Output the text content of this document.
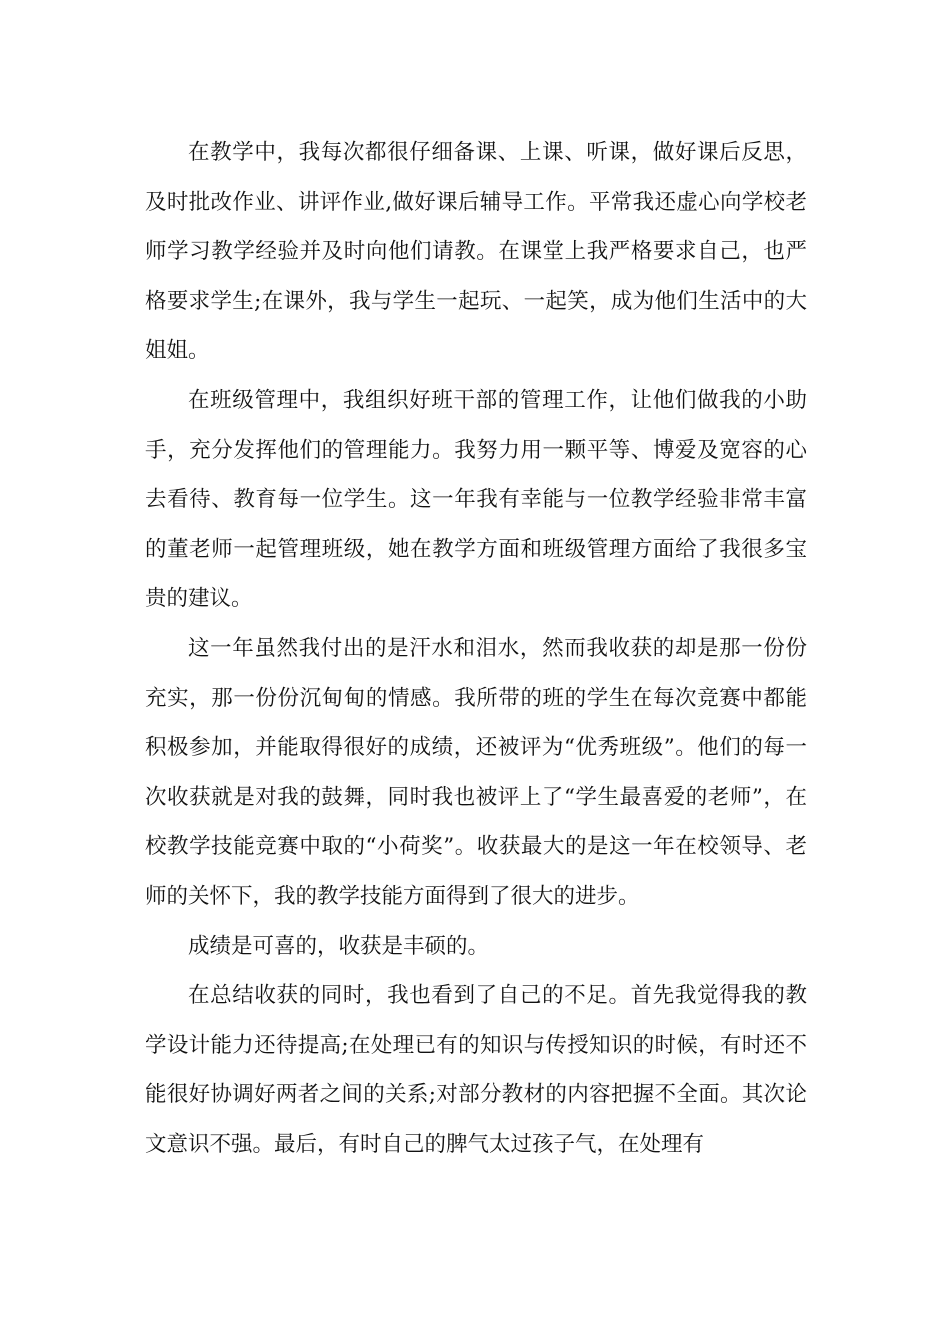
在教学中，我每次都很仔细备课、上课、听课，做好课后反思，及时批改作业、讲评作业,做好课后辅导工作。平常我还虚心向学校老师学习教学经验并及时向他们请教。在课堂上我严格要求自己，也严格要求学生;在课外，我与学生一起玩、一起笑，成为他们生活中的大姐姐。

在班级管理中，我组织好班干部的管理工作，让他们做我的小助手，充分发挥他们的管理能力。我努力用一颗平等、博爱及宽容的心去看待、教育每一位学生。这一年我有幸能与一位教学经验非常丰富的董老师一起管理班级，她在教学方面和班级管理方面给了我很多宝贵的建议。

这一年虽然我付出的是汗水和泪水，然而我收获的却是那一份份充实，那一份份沉甸甸的情感。我所带的班的学生在每次竞赛中都能积极参加，并能取得很好的成绩，还被评为“优秀班级”。他们的每一次收获就是对我的鼓舞，同时我也被评上了“学生最喜爱的老师”，在校教学技能竞赛中取的“小荷奖”。收获最大的是这一年在校领导、老师的关怀下，我的教学技能方面得到了很大的进步。

成绩是可喜的，收获是丰硕的。

在总结收获的同时，我也看到了自己的不足。首先我觉得我的教学设计能力还待提高;在处理已有的知识与传授知识的时候，有时还不能很好协调好两者之间的关系;对部分教材的内容把握不全面。其次论文意识不强。最后，有时自己的脾气太过孩子气，在处理有
